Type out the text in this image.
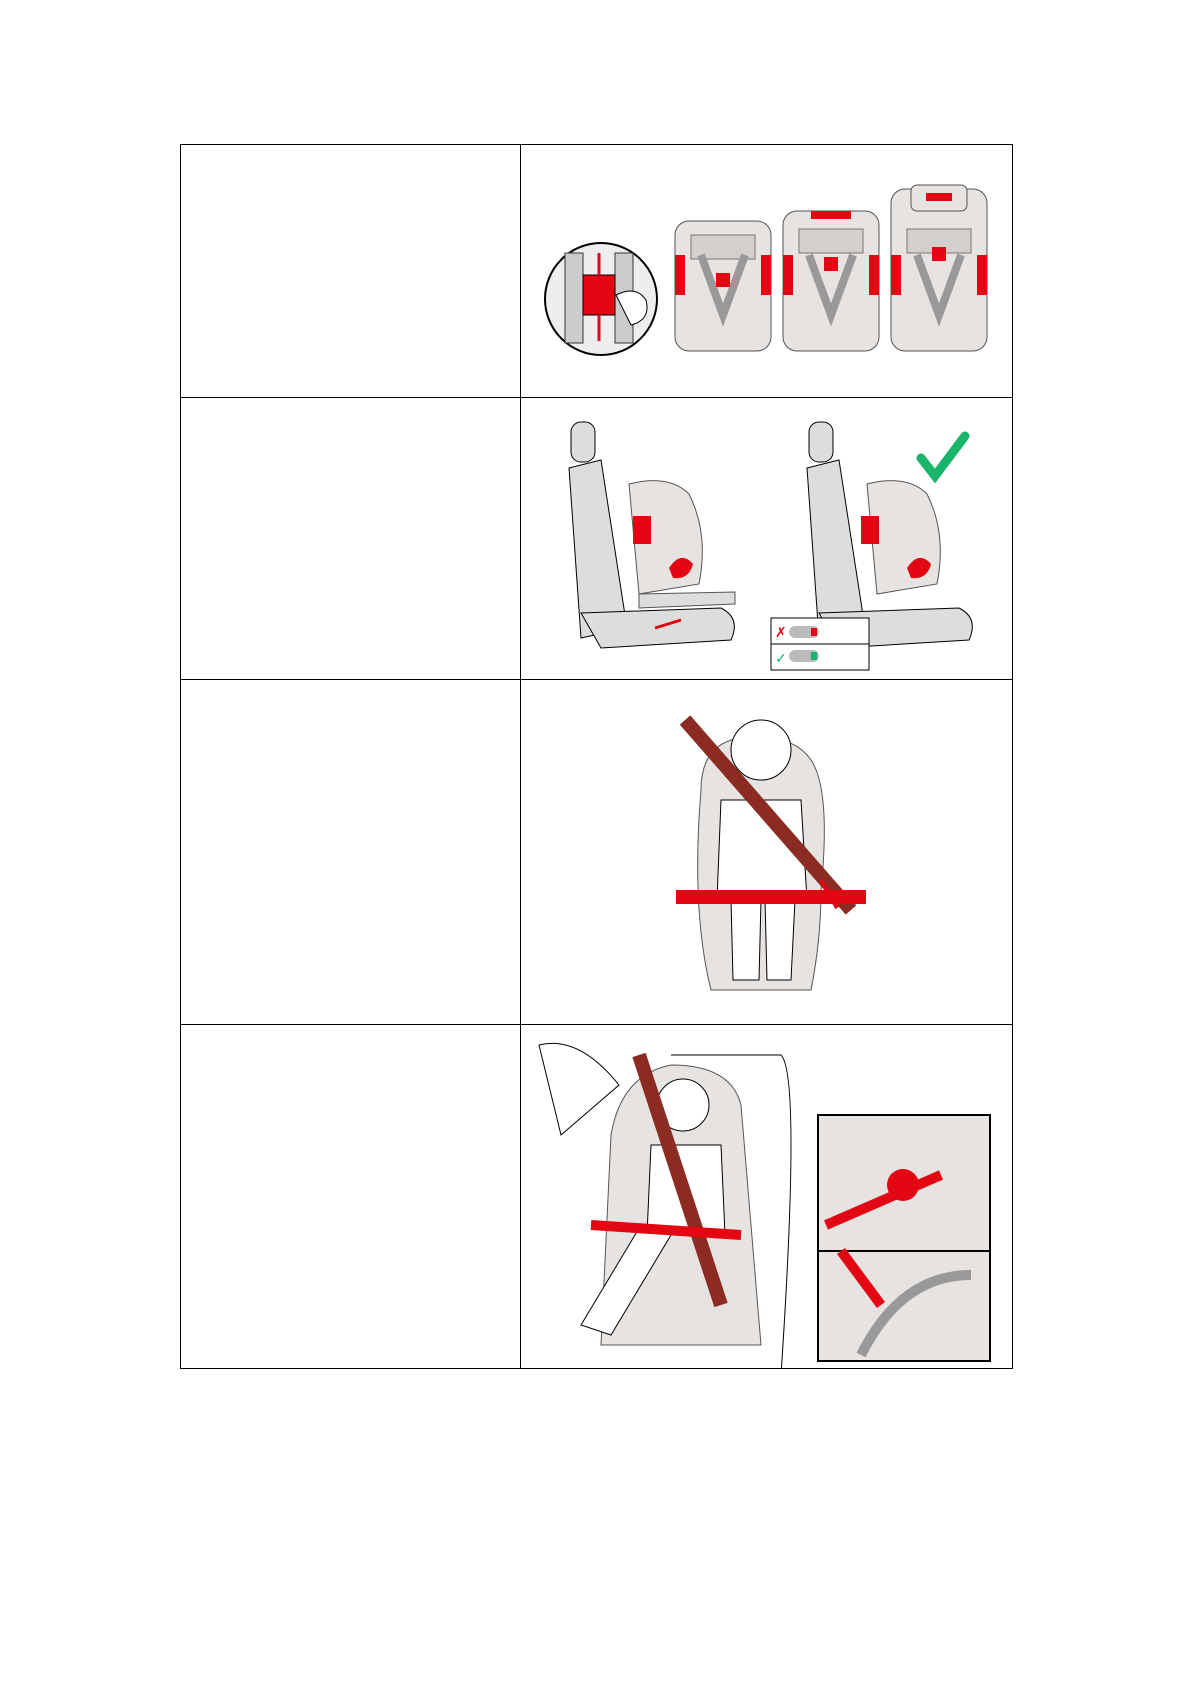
✗
✓
